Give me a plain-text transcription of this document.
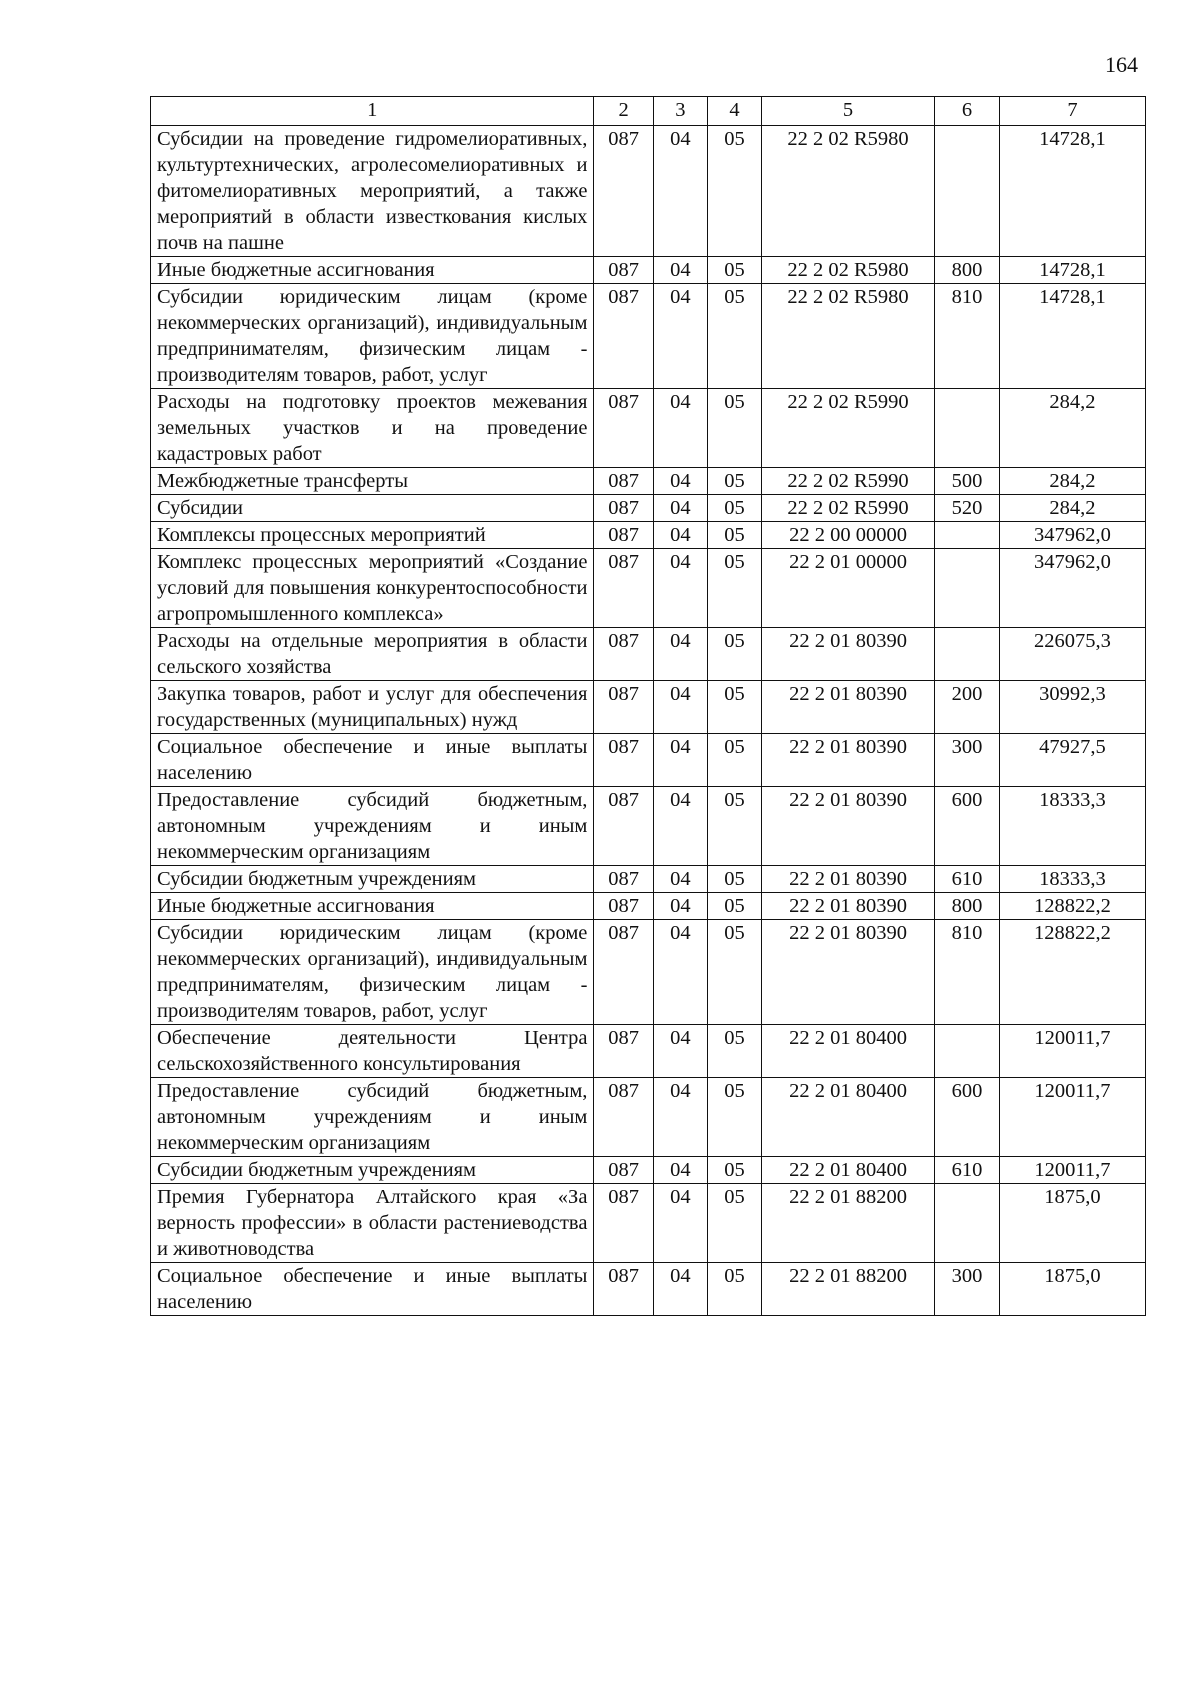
164
1	2	3	4	5	6	7
Субсидии на проведение гидромелиоративных, культуртехнических, агролесомелиоративных и фитомелиоративных мероприятий, а также мероприятий в области известкования кислых почв на пашне	087	04	05	22 2 02 R5980		14728,1
Иные бюджетные ассигнования	087	04	05	22 2 02 R5980	800	14728,1
Субсидии юридическим лицам (кроме некоммерческих организаций), индивидуальным предпринимателям, физическим лицам - производителям товаров, работ, услуг	087	04	05	22 2 02 R5980	810	14728,1
Расходы на подготовку проектов межевания земельных участков и на проведение кадастровых работ	087	04	05	22 2 02 R5990		284,2
Межбюджетные трансферты	087	04	05	22 2 02 R5990	500	284,2
Субсидии	087	04	05	22 2 02 R5990	520	284,2
Комплексы процессных мероприятий	087	04	05	22 2 00 00000		347962,0
Комплекс процессных мероприятий «Создание условий для повышения конкурентоспособности агропромышленного комплекса»	087	04	05	22 2 01 00000		347962,0
Расходы на отдельные мероприятия в области сельского хозяйства	087	04	05	22 2 01 80390		226075,3
Закупка товаров, работ и услуг для обеспечения государственных (муниципальных) нужд	087	04	05	22 2 01 80390	200	30992,3
Социальное обеспечение и иные выплаты населению	087	04	05	22 2 01 80390	300	47927,5
Предоставление субсидий бюджетным, автономным учреждениям и иным некоммерческим организациям	087	04	05	22 2 01 80390	600	18333,3
Субсидии бюджетным учреждениям	087	04	05	22 2 01 80390	610	18333,3
Иные бюджетные ассигнования	087	04	05	22 2 01 80390	800	128822,2
Субсидии юридическим лицам (кроме некоммерческих организаций), индивидуальным предпринимателям, физическим лицам - производителям товаров, работ, услуг	087	04	05	22 2 01 80390	810	128822,2
Обеспечение деятельности Центра сельскохозяйственного консультирования	087	04	05	22 2 01 80400		120011,7
Предоставление субсидий бюджетным, автономным учреждениям и иным некоммерческим организациям	087	04	05	22 2 01 80400	600	120011,7
Субсидии бюджетным учреждениям	087	04	05	22 2 01 80400	610	120011,7
Премия Губернатора Алтайского края «За верность профессии» в области растениеводства и животноводства	087	04	05	22 2 01 88200		1875,0
Социальное обеспечение и иные выплаты населению	087	04	05	22 2 01 88200	300	1875,0
